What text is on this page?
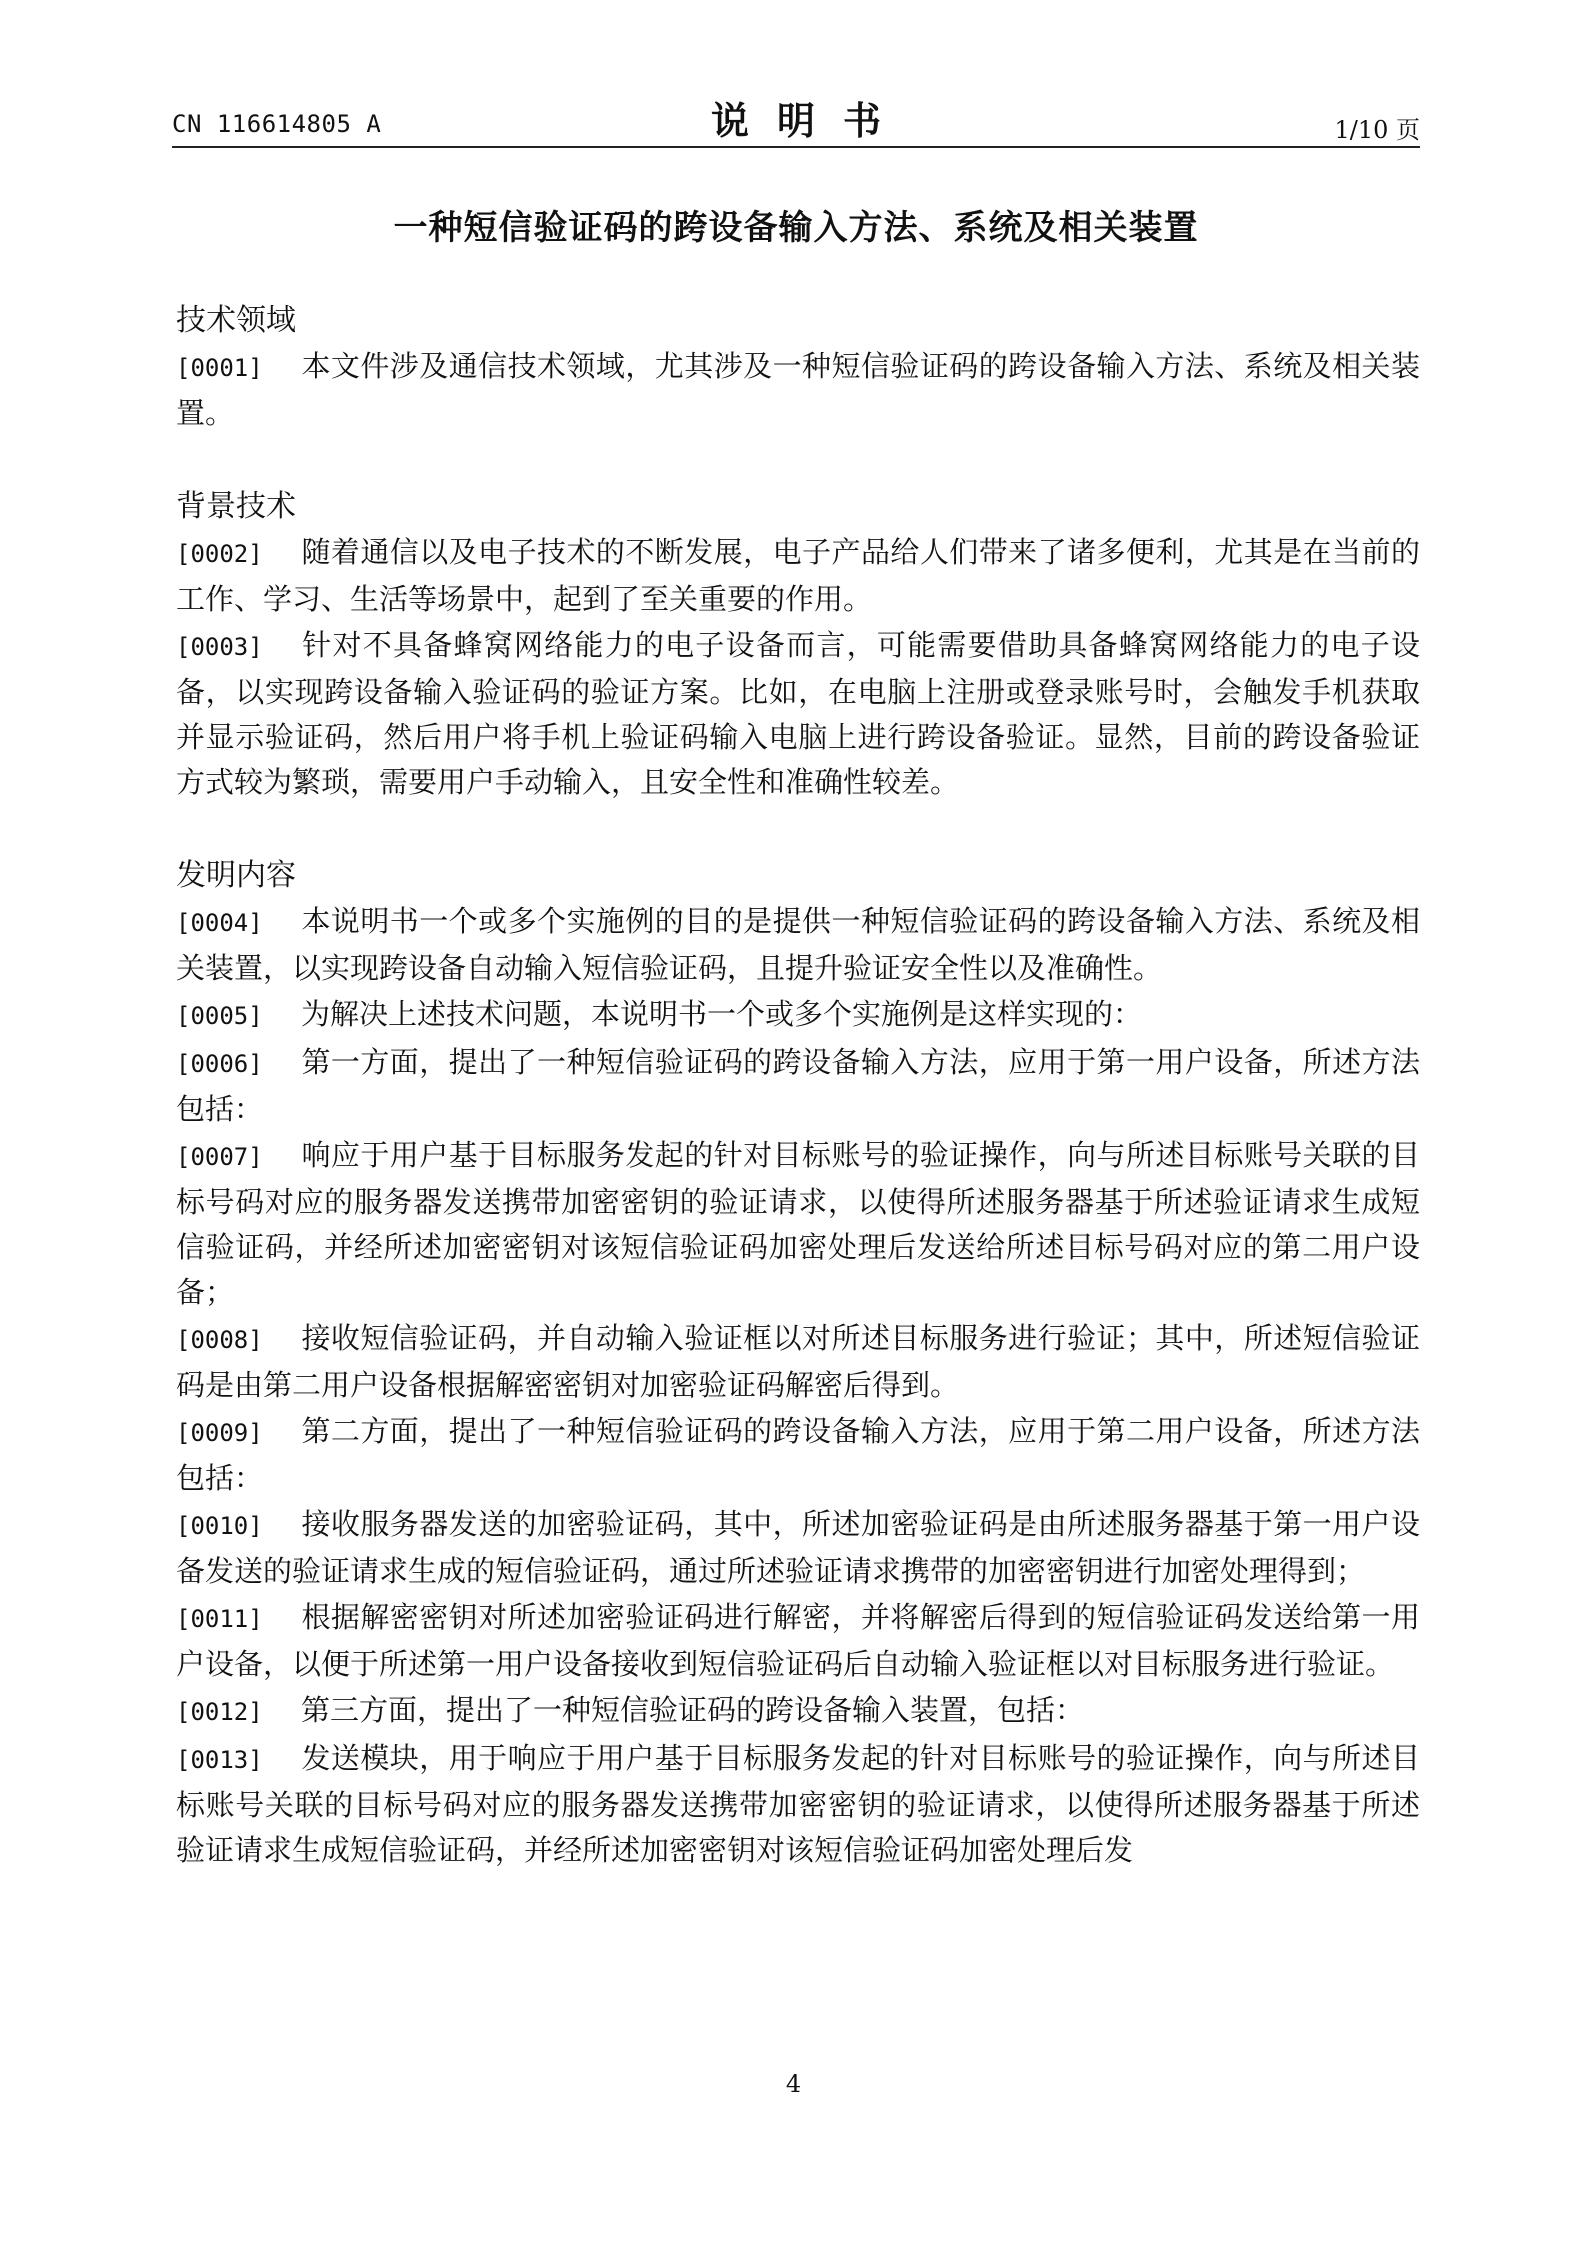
CN 116614805 A	说明书	1/10 页
一种短信验证码的跨设备输入方法、系统及相关装置
技术领域

[0001] 本文件涉及通信技术领域，尤其涉及一种短信验证码的跨设备输入方法、系统及相关装置。

背景技术

[0002] 随着通信以及电子技术的不断发展，电子产品给人们带来了诸多便利，尤其是在当前的工作、学习、生活等场景中，起到了至关重要的作用。

[0003] 针对不具备蜂窝网络能力的电子设备而言，可能需要借助具备蜂窝网络能力的电子设备，以实现跨设备输入验证码的验证方案。比如，在电脑上注册或登录账号时，会触发手机获取并显示验证码，然后用户将手机上验证码输入电脑上进行跨设备验证。显然，目前的跨设备验证方式较为繁琐，需要用户手动输入，且安全性和准确性较差。

发明内容

[0004] 本说明书一个或多个实施例的目的是提供一种短信验证码的跨设备输入方法、系统及相关装置，以实现跨设备自动输入短信验证码，且提升验证安全性以及准确性。

[0005] 为解决上述技术问题，本说明书一个或多个实施例是这样实现的：

[0006] 第一方面，提出了一种短信验证码的跨设备输入方法，应用于第一用户设备，所述方法包括：

[0007] 响应于用户基于目标服务发起的针对目标账号的验证操作，向与所述目标账号关联的目标号码对应的服务器发送携带加密密钥的验证请求，以使得所述服务器基于所述验证请求生成短信验证码，并经所述加密密钥对该短信验证码加密处理后发送给所述目标号码对应的第二用户设备；

[0008] 接收短信验证码，并自动输入验证框以对所述目标服务进行验证；其中，所述短信验证码是由第二用户设备根据解密密钥对加密验证码解密后得到。

[0009] 第二方面，提出了一种短信验证码的跨设备输入方法，应用于第二用户设备，所述方法包括：

[0010] 接收服务器发送的加密验证码，其中，所述加密验证码是由所述服务器基于第一用户设备发送的验证请求生成的短信验证码，通过所述验证请求携带的加密密钥进行加密处理得到；

[0011] 根据解密密钥对所述加密验证码进行解密，并将解密后得到的短信验证码发送给第一用户设备，以便于所述第一用户设备接收到短信验证码后自动输入验证框以对目标服务进行验证。

[0012] 第三方面，提出了一种短信验证码的跨设备输入装置，包括：

[0013] 发送模块，用于响应于用户基于目标服务发起的针对目标账号的验证操作，向与所述目标账号关联的目标号码对应的服务器发送携带加密密钥的验证请求，以使得所述服务器基于所述验证请求生成短信验证码，并经所述加密密钥对该短信验证码加密处理后发

4
